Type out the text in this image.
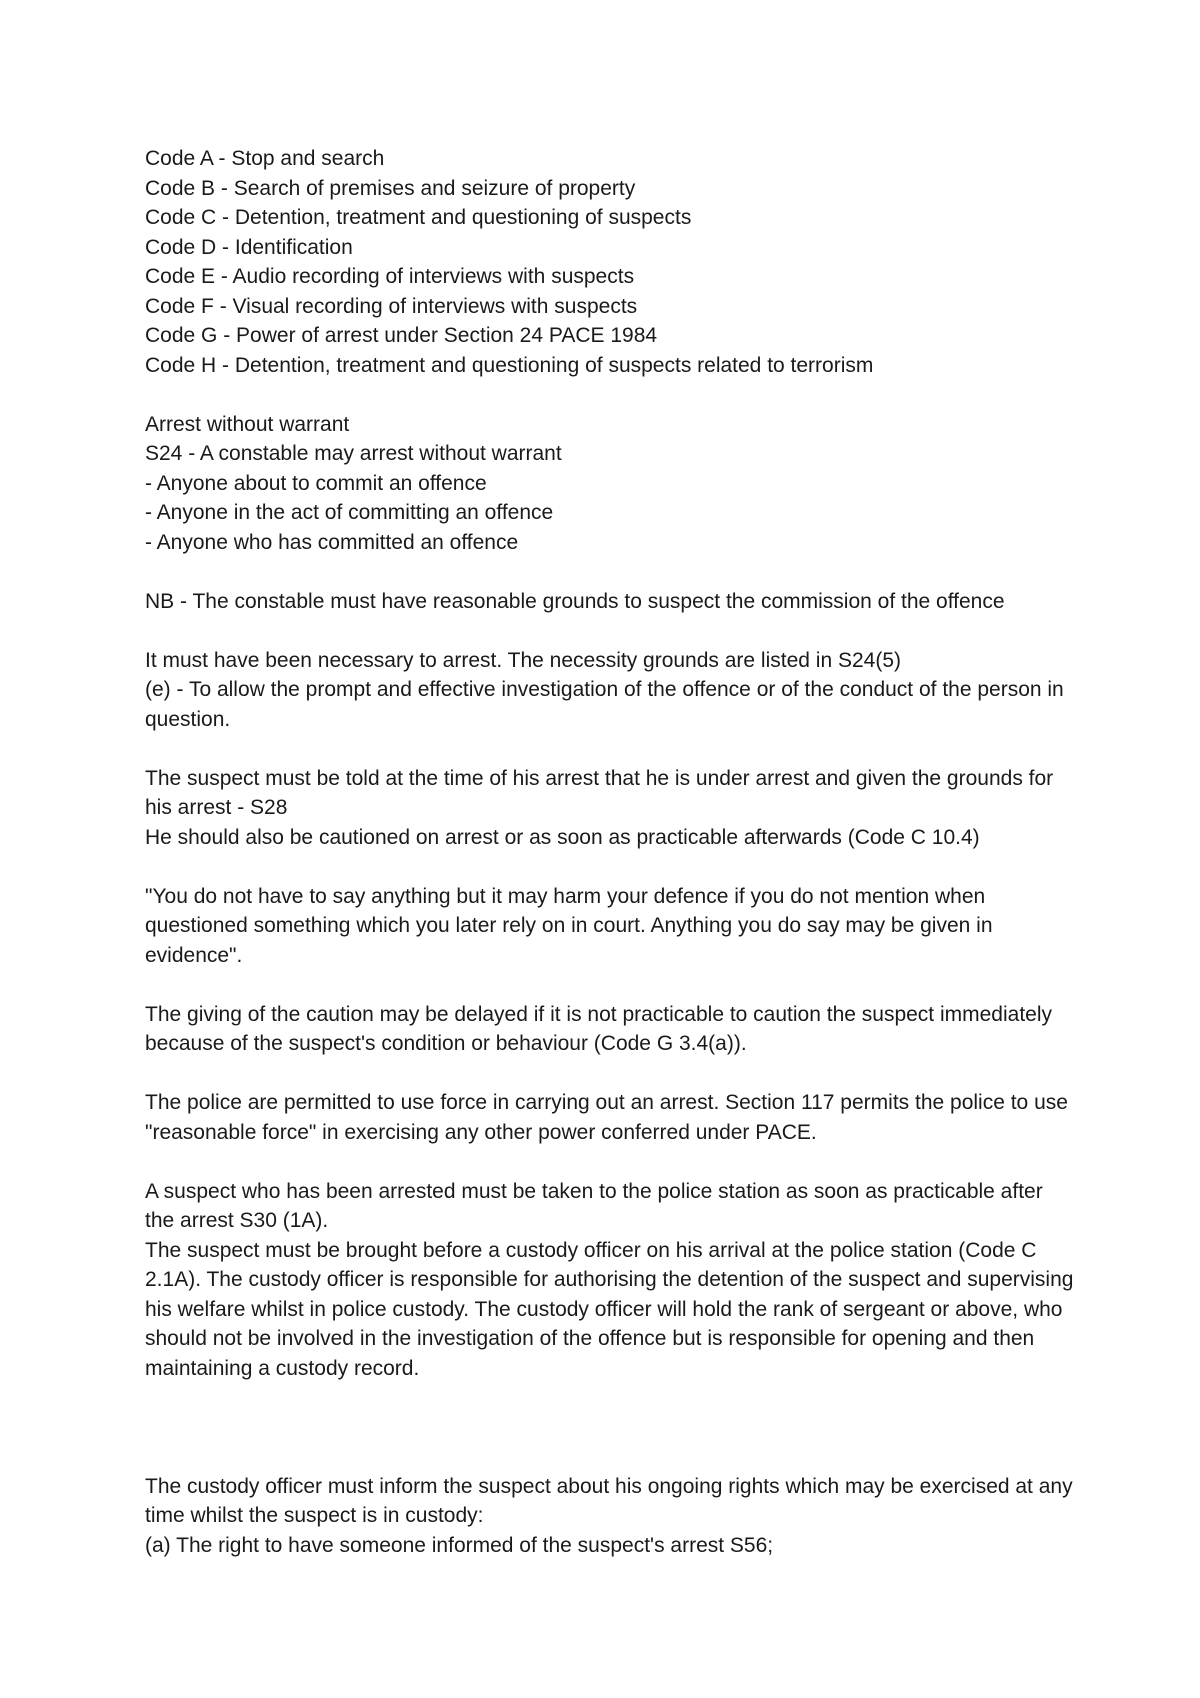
Code A - Stop and search

Code B - Search of premises and seizure of property

Code C - Detention, treatment and questioning of suspects

Code D - Identification

Code E - Audio recording of interviews with suspects

Code F - Visual recording of interviews with suspects

Code G - Power of arrest under Section 24 PACE 1984

Code H - Detention, treatment and questioning of suspects related to terrorism

Arrest without warrant

S24 - A constable may arrest without warrant

- Anyone about to commit an offence

- Anyone in the act of committing an offence

- Anyone who has committed an offence

NB - The constable must have reasonable grounds to suspect the commission of the offence

It must have been necessary to arrest. The necessity grounds are listed in S24(5)

(e) - To allow the prompt and effective investigation of the offence or of the conduct of the person in question.

The suspect must be told at the time of his arrest that he is under arrest and given the grounds for his arrest - S28

He should also be cautioned on arrest or as soon as practicable afterwards (Code C 10.4)

"You do not have to say anything but it may harm your defence if you do not mention when questioned something which you later rely on in court. Anything you do say may be given in evidence".

The giving of the caution may be delayed if it is not practicable to caution the suspect immediately because of the suspect's condition or behaviour (Code G 3.4(a)).

The police are permitted to use force in carrying out an arrest. Section 117 permits the police to use "reasonable force" in exercising any other power conferred under PACE.

A suspect who has been arrested must be taken to the police station as soon as practicable after the arrest S30 (1A).

The suspect must be brought before a custody officer on his arrival at the police station (Code C 2.1A). The custody officer is responsible for authorising the detention of the suspect and supervising his welfare whilst in police custody. The custody officer will hold the rank of sergeant or above, who should not be involved in the investigation of the offence but is responsible for opening and then maintaining a custody record.

The custody officer must inform the suspect about his ongoing rights which may be exercised at any time whilst the suspect is in custody:

(a) The right to have someone informed of the suspect's arrest S56;
